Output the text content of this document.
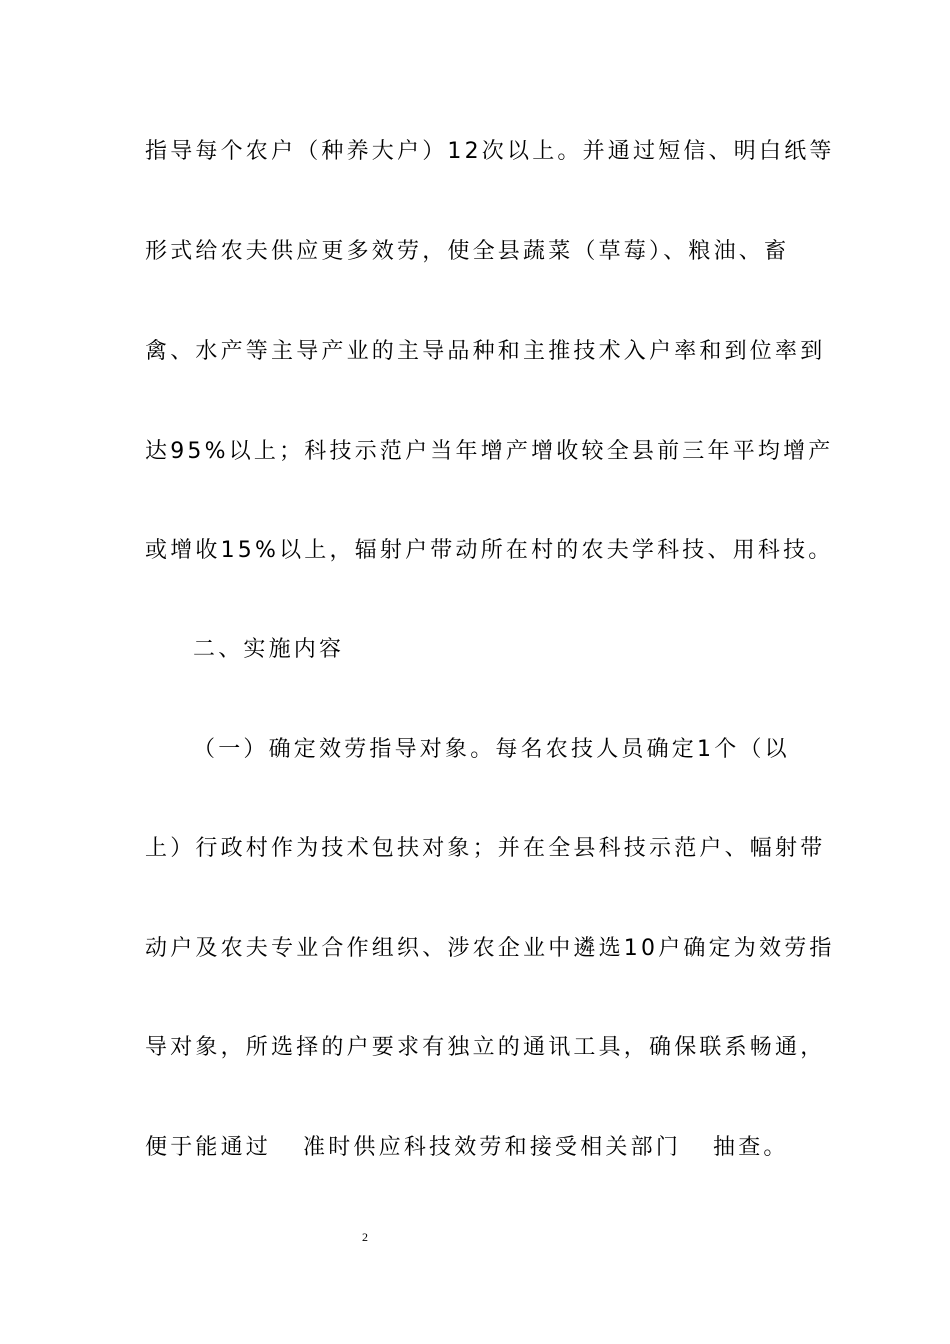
指导每个农户（种养大户）12次以上。并通过短信、明白纸等
形式给农夫供应更多效劳，使全县蔬菜（草莓）、粮油、畜
禽、水产等主导产业的主导品种和主推技术入户率和到位率到
达95%以上；科技示范户当年增产增收较全县前三年平均增产
或增收15%以上，辐射户带动所在村的农夫学科技、用科技。
二、实施内容
（一）确定效劳指导对象。每名农技人员确定1个（以
上）行政村作为技术包扶对象；并在全县科技示范户、幅射带
动户及农夫专业合作组织、涉农企业中遴选10户确定为效劳指
导对象，所选择的户要求有独立的通讯工具，确保联系畅通，
便于能通过 准时供应科技效劳和接受相关部门 抽查。
2
